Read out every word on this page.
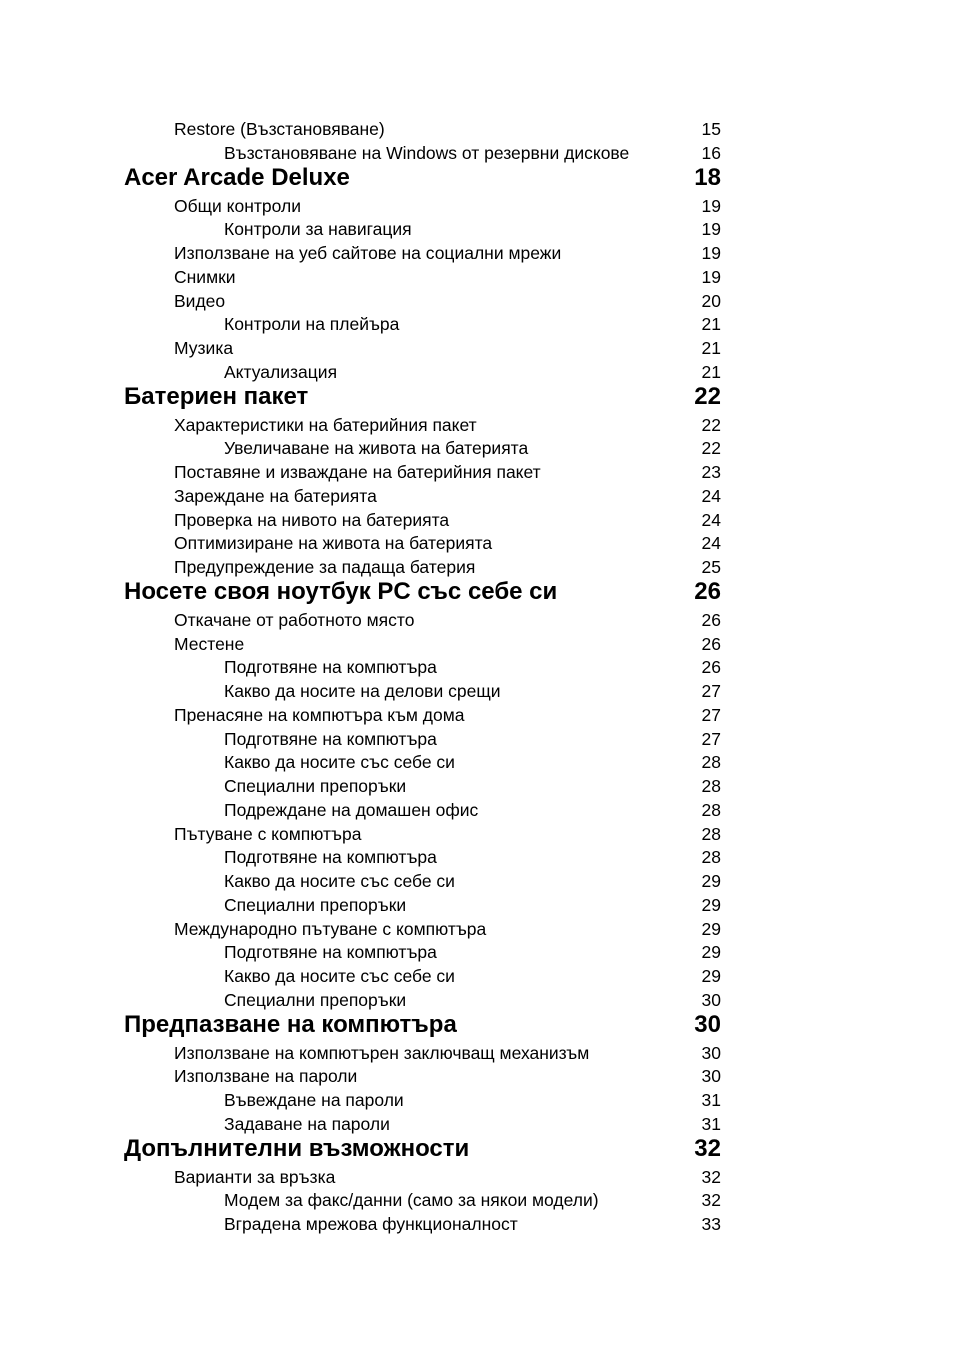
Restore (Възстановяване)	15
Възстановяване на Windows от резервни дискове	16
Acer Arcade Deluxe	18
Общи контроли	19
Контроли за навигация	19
Използване на уеб сайтове на социални мрежи	19
Снимки	19
Видео	20
Контроли на плейъра	21
Музика	21
Актуализация	21
Батериен пакет	22
Характеристики на батерийния пакет	22
Увеличаване на живота на батерията	22
Поставяне и изваждане на батерийния пакет	23
Зареждане на батерията	24
Проверка на нивото на батерията	24
Оптимизиране на живота на батерията	24
Предупреждение за падаща батерия	25
Носете своя ноутбук PC със себе си	26
Откачане от работното място	26
Местене	26
Подготвяне на компютъра	26
Какво да носите на делови срещи	27
Пренасяне на компютъра към дома	27
Подготвяне на компютъра	27
Какво да носите със себе си	28
Специални препоръки	28
Подреждане на домашен офис	28
Пътуване с компютъра	28
Подготвяне на компютъра	28
Какво да носите със себе си	29
Специални препоръки	29
Международно пътуване с компютъра	29
Подготвяне на компютъра	29
Какво да носите със себе си	29
Специални препоръки	30
Предпазване на компютъра	30
Използване на компютърен заключващ механизъм	30
Използване на пароли	30
Въвеждане на пароли	31
Задаване на пароли	31
Допълнителни възможности	32
Варианти за връзка	32
Модем за факс/данни (само за някои модели)	32
Вградена мрежова функционалност	33
